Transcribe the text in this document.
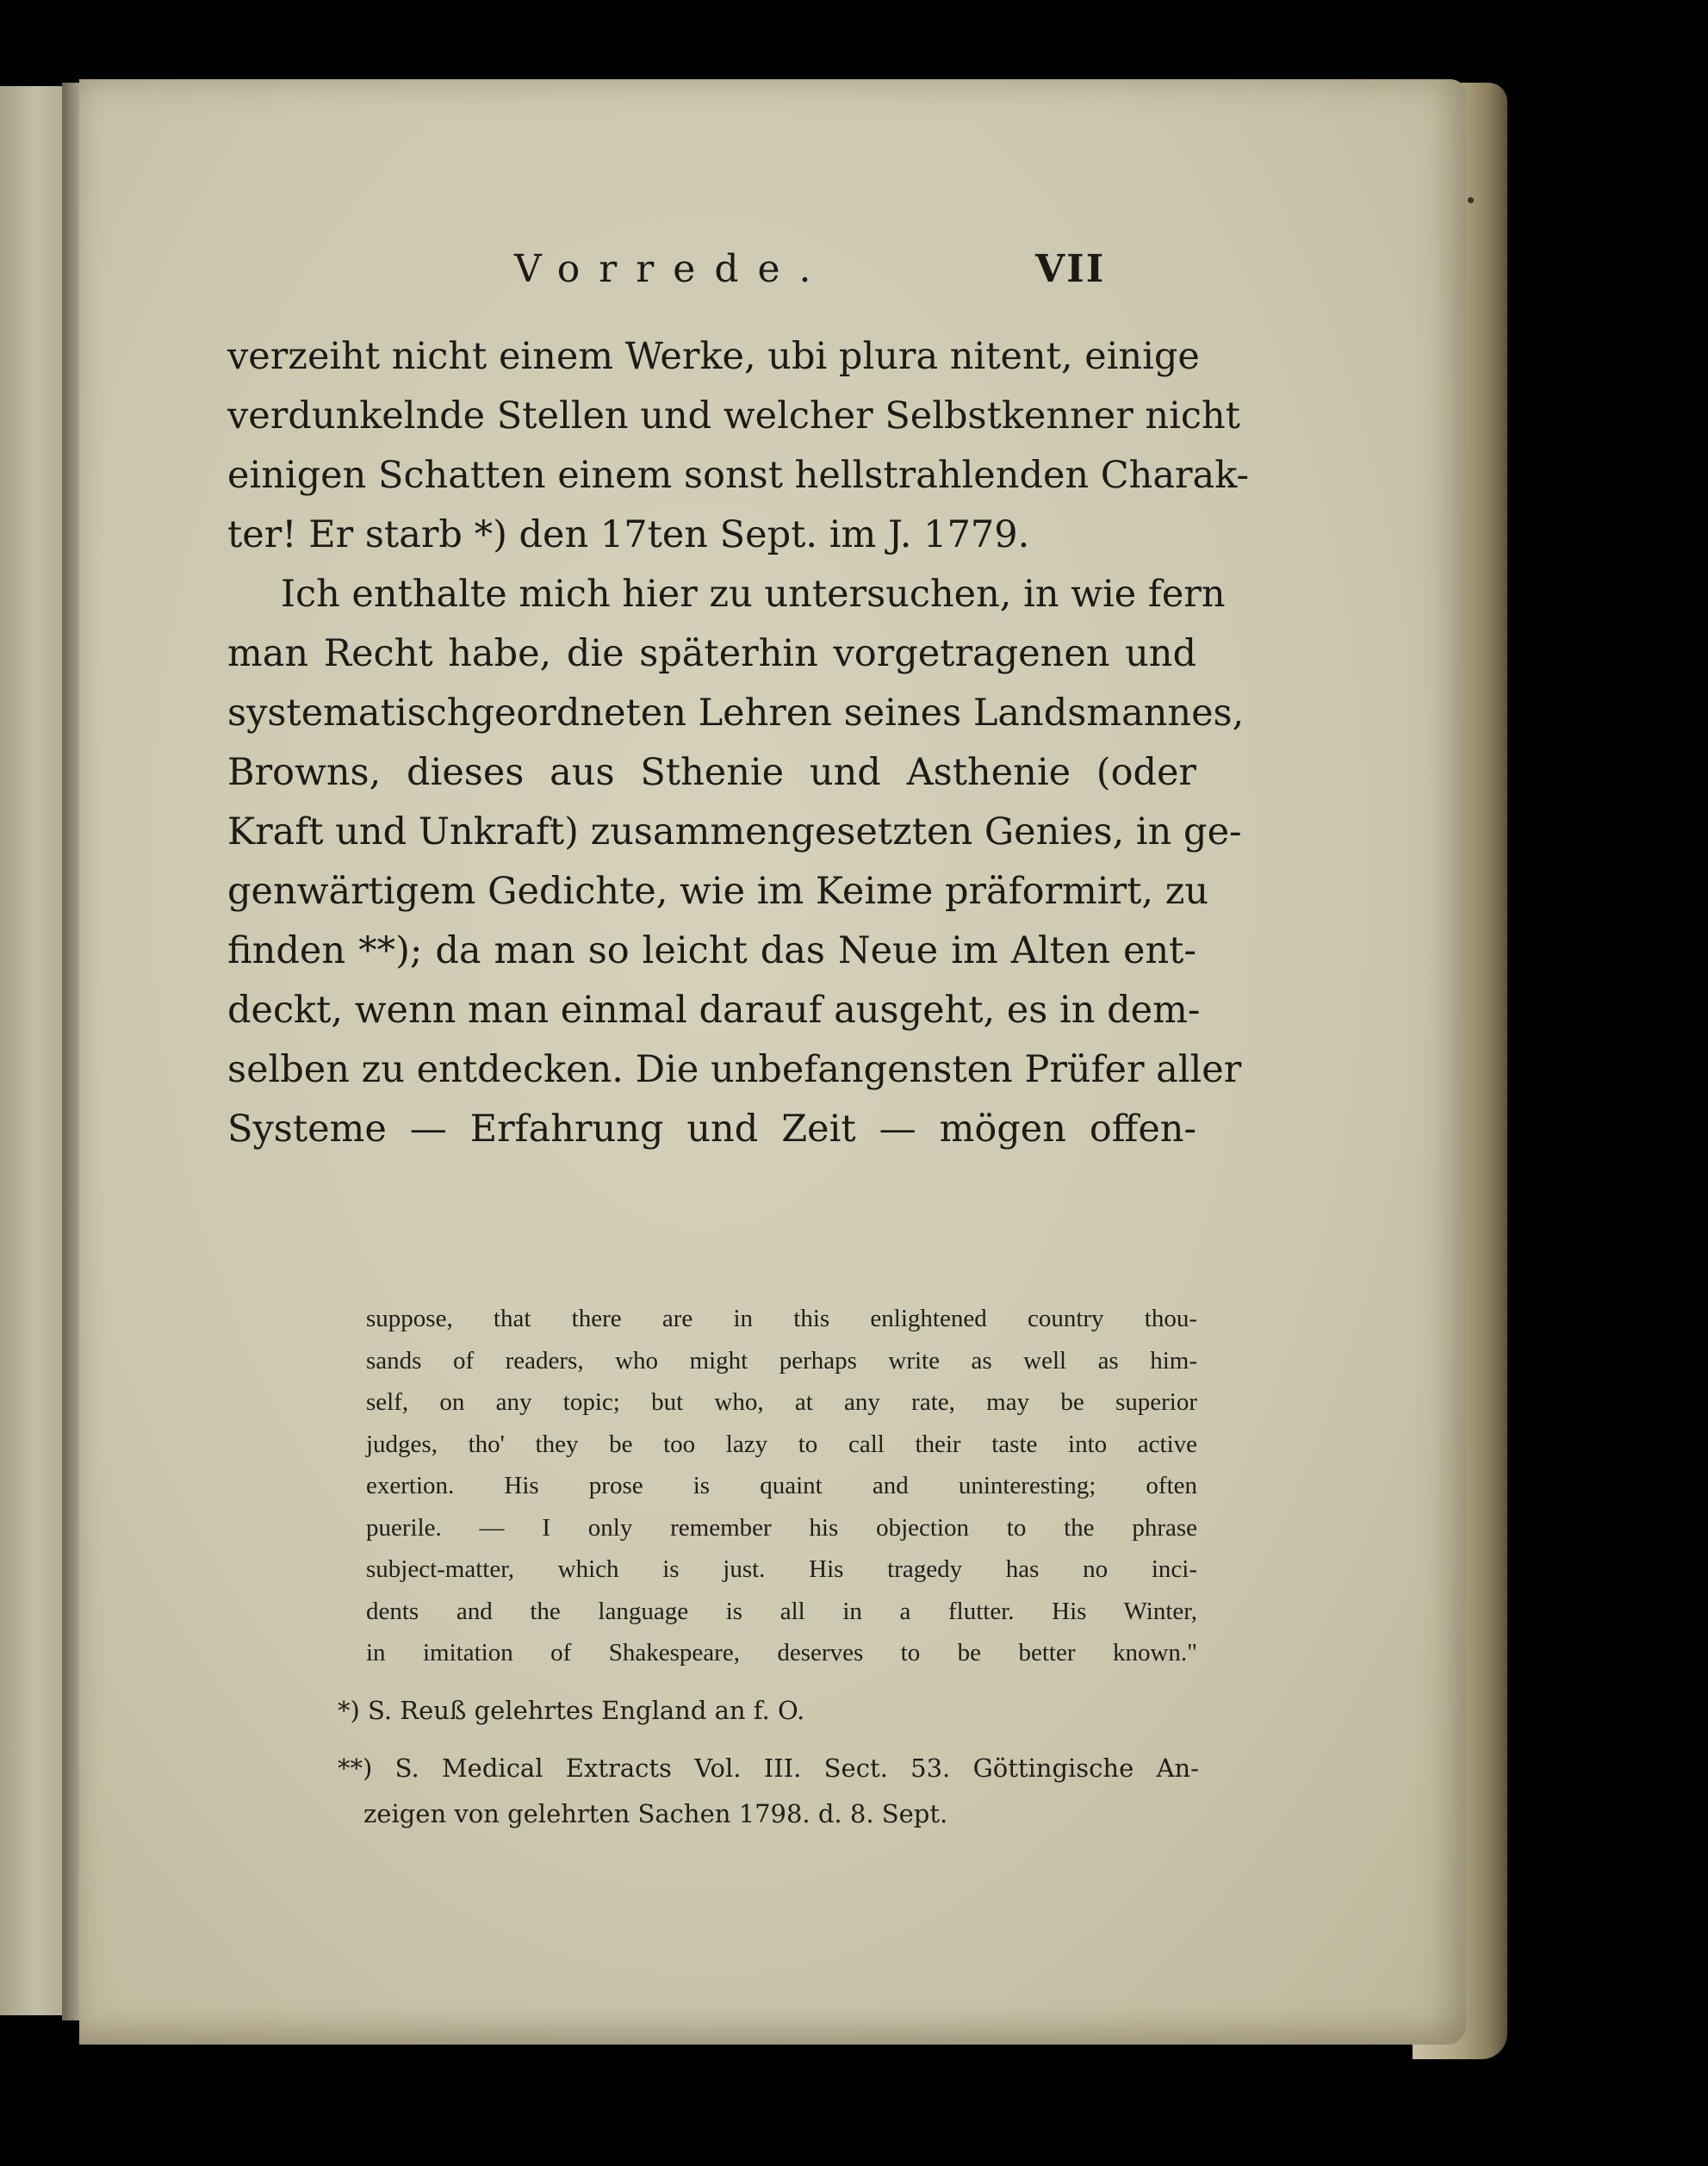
Vorrede.	VII
verzeiht nicht einem Werke, ubi plura nitent, einige
verdunkelnde Stellen und welcher Selbstkenner nicht
einigen Schatten einem sonst hellstrahlenden Charak-
ter! Er starb *) den 17ten Sept. im J. 1779.
Ich enthalte mich hier zu untersuchen, in wie fern
man Recht habe, die späterhin vorgetragenen und
systematischgeordneten Lehren seines Landsmannes,
Browns, dieses aus Sthenie und Asthenie (oder
Kraft und Unkraft) zusammengesetzten Genies, in ge-
genwärtigem Gedichte, wie im Keime präformirt, zu
finden **); da man so leicht das Neue im Alten ent-
deckt, wenn man einmal darauf ausgeht, es in dem-
selben zu entdecken. Die unbefangensten Prüfer aller
Systeme — Erfahrung und Zeit — mögen offen-
suppose, that there are in this enlightened country thou-
sands of readers, who might perhaps write as well as him-
self, on any topic; but who, at any rate, may be superior
judges, tho' they be too lazy to call their taste into active
exertion. His prose is quaint and uninteresting; often
puerile. — I only remember his objection to the phrase
subject-matter, which is just. His tragedy has no inci-
dents and the language is all in a flutter. His Winter,
in imitation of Shakespeare, deserves to be better known."
*) S. Reuß gelehrtes England an f. O.
**) S. Medical Extracts Vol. III. Sect. 53. Göttingische An-
zeigen von gelehrten Sachen 1798. d. 8. Sept.
